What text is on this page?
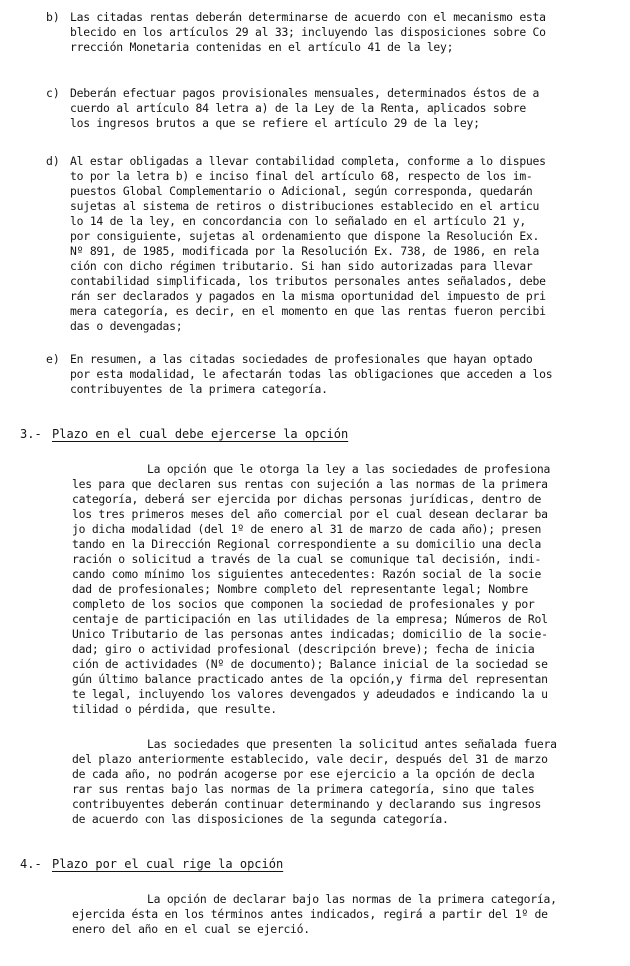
b) Las citadas rentas deberán determinarse de acuerdo con el mecanismo esta
blecido en los artículos 29 al 33; incluyendo las disposiciones sobre Co
rrección Monetaria contenidas en el artículo 41 de la ley;
c) Deberán efectuar pagos provisionales mensuales, determinados éstos de a
cuerdo al artículo 84 letra a) de la Ley de la Renta, aplicados sobre
los ingresos brutos a que se refiere el artículo 29 de la ley;
d) Al estar obligadas a llevar contabilidad completa, conforme a lo dispues
to por la letra b) e inciso final del artículo 68, respecto de los im-
puestos Global Complementario o Adicional, según corresponda, quedarán
sujetas al sistema de retiros o distribuciones establecido en el articu
lo 14 de la ley, en concordancia con lo señalado en el artículo 21 y,
por consiguiente, sujetas al ordenamiento que dispone la Resolución Ex.
Nº 891, de 1985, modificada por la Resolución Ex. 738, de 1986, en rela
ción con dicho régimen tributario. Si han sido autorizadas para llevar
contabilidad simplificada, los tributos personales antes señalados, debe
rán ser declarados y pagados en la misma oportunidad del impuesto de pri
mera categoría, es decir, en el momento en que las rentas fueron percibi
das o devengadas;
e) En resumen, a las citadas sociedades de profesionales que hayan optado
por esta modalidad, le afectarán todas las obligaciones que acceden a los
contribuyentes de la primera categoría.
3.- Plazo en el cual debe ejercerse la opción
La opción que le otorga la ley a las sociedades de profesiona
les para que declaren sus rentas con sujeción a las normas de la primera
categoría, deberá ser ejercida por dichas personas jurídicas, dentro de
los tres primeros meses del año comercial por el cual desean declarar ba
jo dicha modalidad (del 1º de enero al 31 de marzo de cada año); presen
tando en la Dirección Regional correspondiente a su domicilio una decla
ración o solicitud a través de la cual se comunique tal decisión, indi-
cando como mínimo los siguientes antecedentes: Razón social de la socie
dad de profesionales; Nombre completo del representante legal; Nombre
completo de los socios que componen la sociedad de profesionales y por
centaje de participación en las utilidades de la empresa; Números de Rol
Unico Tributario de las personas antes indicadas; domicilio de la socie-
dad; giro o actividad profesional (descripción breve); fecha de inicia
ción de actividades (Nº de documento); Balance inicial de la sociedad se
gún último balance practicado antes de la opción,y firma del representan
te legal, incluyendo los valores devengados y adeudados e indicando la u
tilidad o pérdida, que resulte.
Las sociedades que presenten la solicitud antes señalada fuera
del plazo anteriormente establecido, vale decir, después del 31 de marzo
de cada año, no podrán acogerse por ese ejercicio a la opción de decla
rar sus rentas bajo las normas de la primera categoría, sino que tales
contribuyentes deberán continuar determinando y declarando sus ingresos
de acuerdo con las disposiciones de la segunda categoría.
4.- Plazo por el cual rige la opción
La opción de declarar bajo las normas de la primera categoría,
ejercida ésta en los términos antes indicados, regirá a partir del 1º de
enero del año en el cual se ejerció.
